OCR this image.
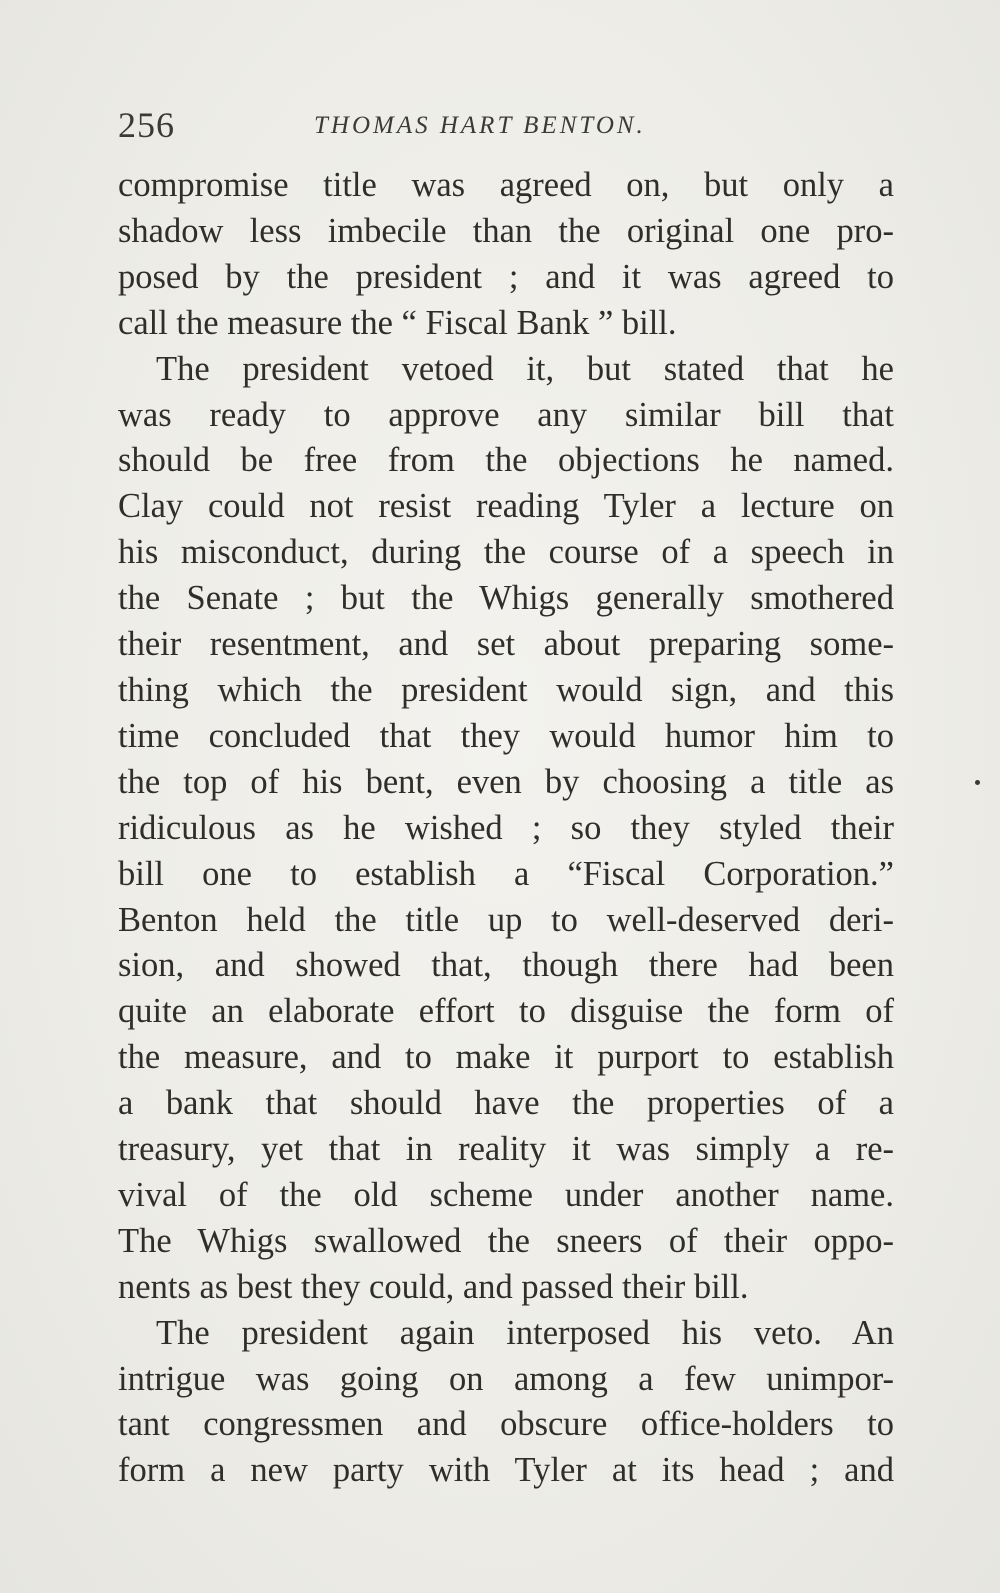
256	THOMAS HART BENTON.
compromise title was agreed on, but only a
shadow less imbecile than the original one pro-
posed by the president ; and it was agreed to
call the measure the “ Fiscal Bank ” bill.
The president vetoed it, but stated that he
was ready to approve any similar bill that
should be free from the objections he named.
Clay could not resist reading Tyler a lecture on
his misconduct, during the course of a speech in
the Senate ; but the Whigs generally smothered
their resentment, and set about preparing some-
thing which the president would sign, and this
time concluded that they would humor him to
the top of his bent, even by choosing a title as
ridiculous as he wished ; so they styled their
bill one to establish a “Fiscal Corporation.”
Benton held the title up to well-deserved deri-
sion, and showed that, though there had been
quite an elaborate effort to disguise the form of
the measure, and to make it purport to establish
a bank that should have the properties of a
treasury, yet that in reality it was simply a re-
vival of the old scheme under another name.
The Whigs swallowed the sneers of their oppo-
nents as best they could, and passed their bill.
The president again interposed his veto. An
intrigue was going on among a few unimpor-
tant congressmen and obscure office-holders to
form a new party with Tyler at its head ; and
